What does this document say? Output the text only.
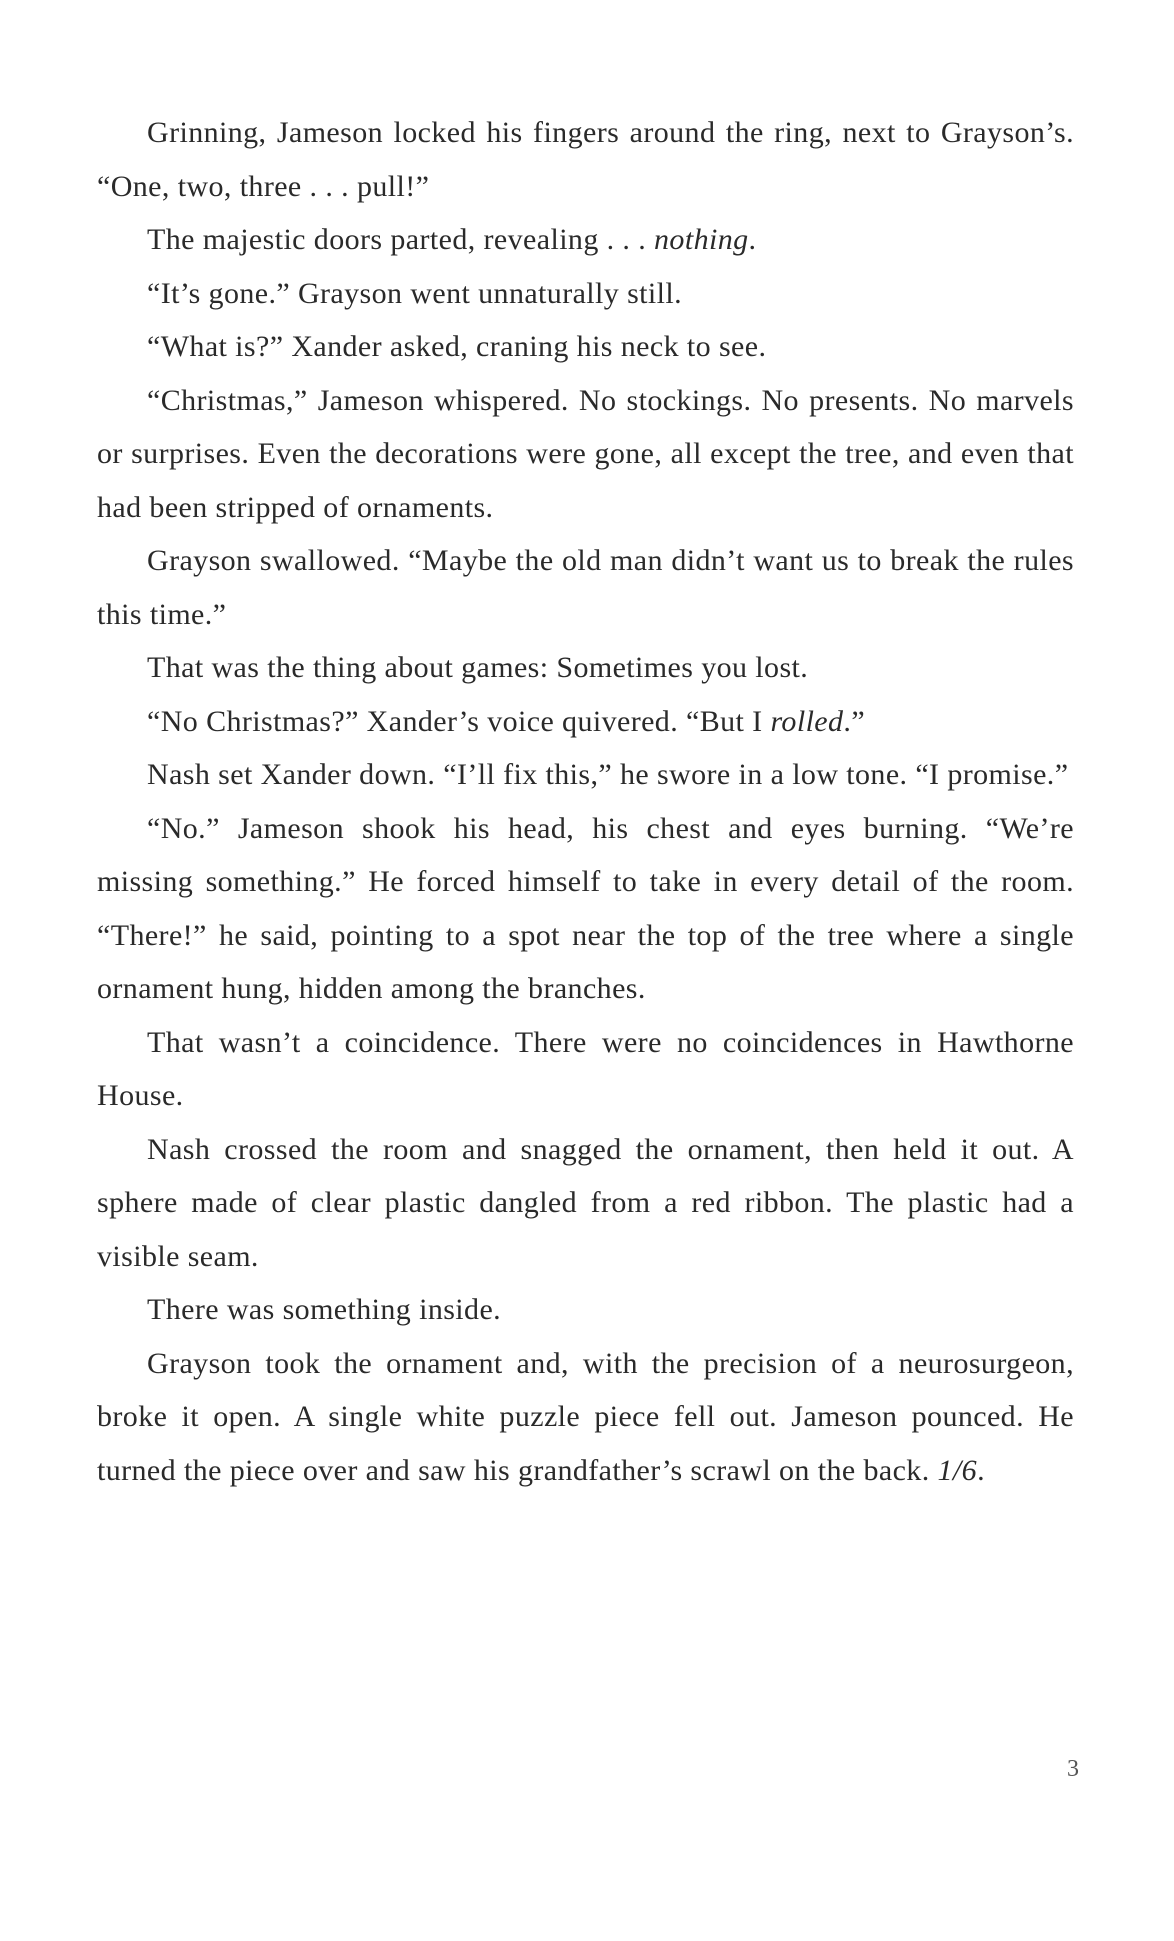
Grinning, Jameson locked his fingers around the ring, next to Grayson’s. “One, two, three . . . pull!”

The majestic doors parted, revealing . . . nothing.

“It’s gone.” Grayson went unnaturally still.

“What is?” Xander asked, craning his neck to see.

“Christmas,” Jameson whispered. No stockings. No presents. No marvels or surprises. Even the decorations were gone, all except the tree, and even that had been stripped of ornaments.

Grayson swallowed. “Maybe the old man didn’t want us to break the rules this time.”

That was the thing about games: Sometimes you lost.

“No Christmas?” Xander’s voice quivered. “But I rolled.”

Nash set Xander down. “I’ll fix this,” he swore in a low tone. “I promise.”

“No.” Jameson shook his head, his chest and eyes burning. “We’re missing something.” He forced himself to take in every detail of the room. “There!” he said, pointing to a spot near the top of the tree where a single ornament hung, hidden among the branches.

That wasn’t a coincidence. There were no coincidences in Hawthorne House.

Nash crossed the room and snagged the ornament, then held it out. A sphere made of clear plastic dangled from a red ribbon. The plastic had a visible seam.

There was something inside.

Grayson took the ornament and, with the precision of a neurosurgeon, broke it open. A single white puzzle piece fell out. Jameson pounced. He turned the piece over and saw his grandfather’s scrawl on the back. 1/6.

3
